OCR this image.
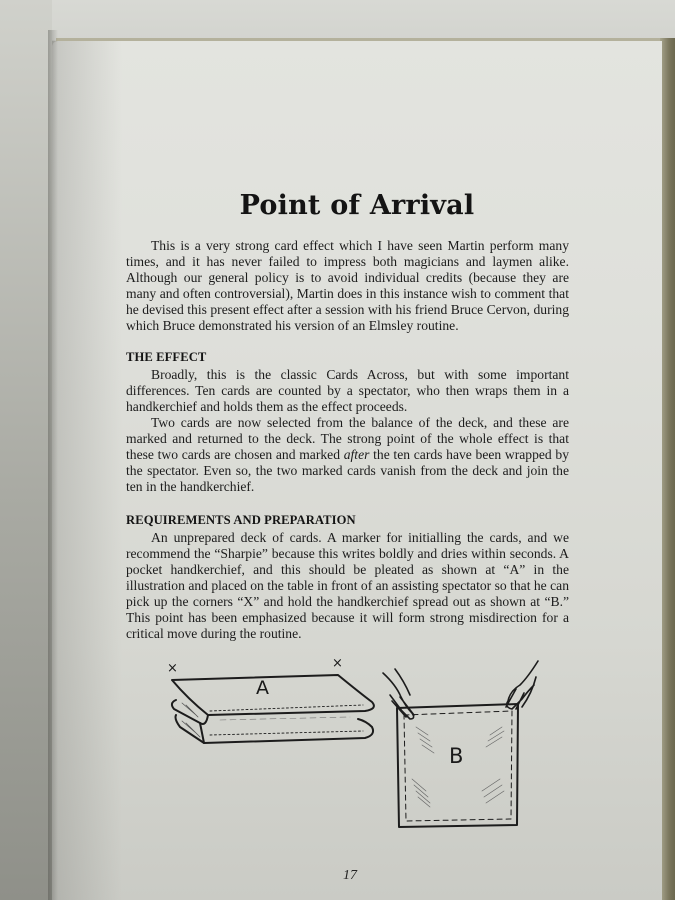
Point of Arrival

This is a very strong card effect which I have seen Martin perform many times, and it has never failed to impress both magicians and laymen alike. Although our general policy is to avoid individual credits (because they are many and often controversial), Martin does in this instance wish to comment that he devised this present effect after a session with his friend Bruce Cervon, during which Bruce demonstrated his version of an Elmsley routine.

THE EFFECT

Broadly, this is the classic Cards Across, but with some important differences. Ten cards are counted by a spectator, who then wraps them in a handkerchief and holds them as the effect proceeds.

Two cards are now selected from the balance of the deck, and these are marked and returned to the deck. The strong point of the whole effect is that these two cards are chosen and marked after the ten cards have been wrapped by the spectator. Even so, the two marked cards vanish from the deck and join the ten in the handkerchief.

REQUIREMENTS AND PREPARATION

An unprepared deck of cards. A marker for initialling the cards, and we recommend the “Sharpie” because this writes boldly and dries within seconds. A pocket handkerchief, and this should be pleated as shown at “A” in the illustration and placed on the table in front of an assisting spectator so that he can pick up the corners “X” and hold the handkerchief spread out as shown at “B.” This point has been emphasized because it will form strong misdirection for a critical move during the routine.

×	×
A
B
17
